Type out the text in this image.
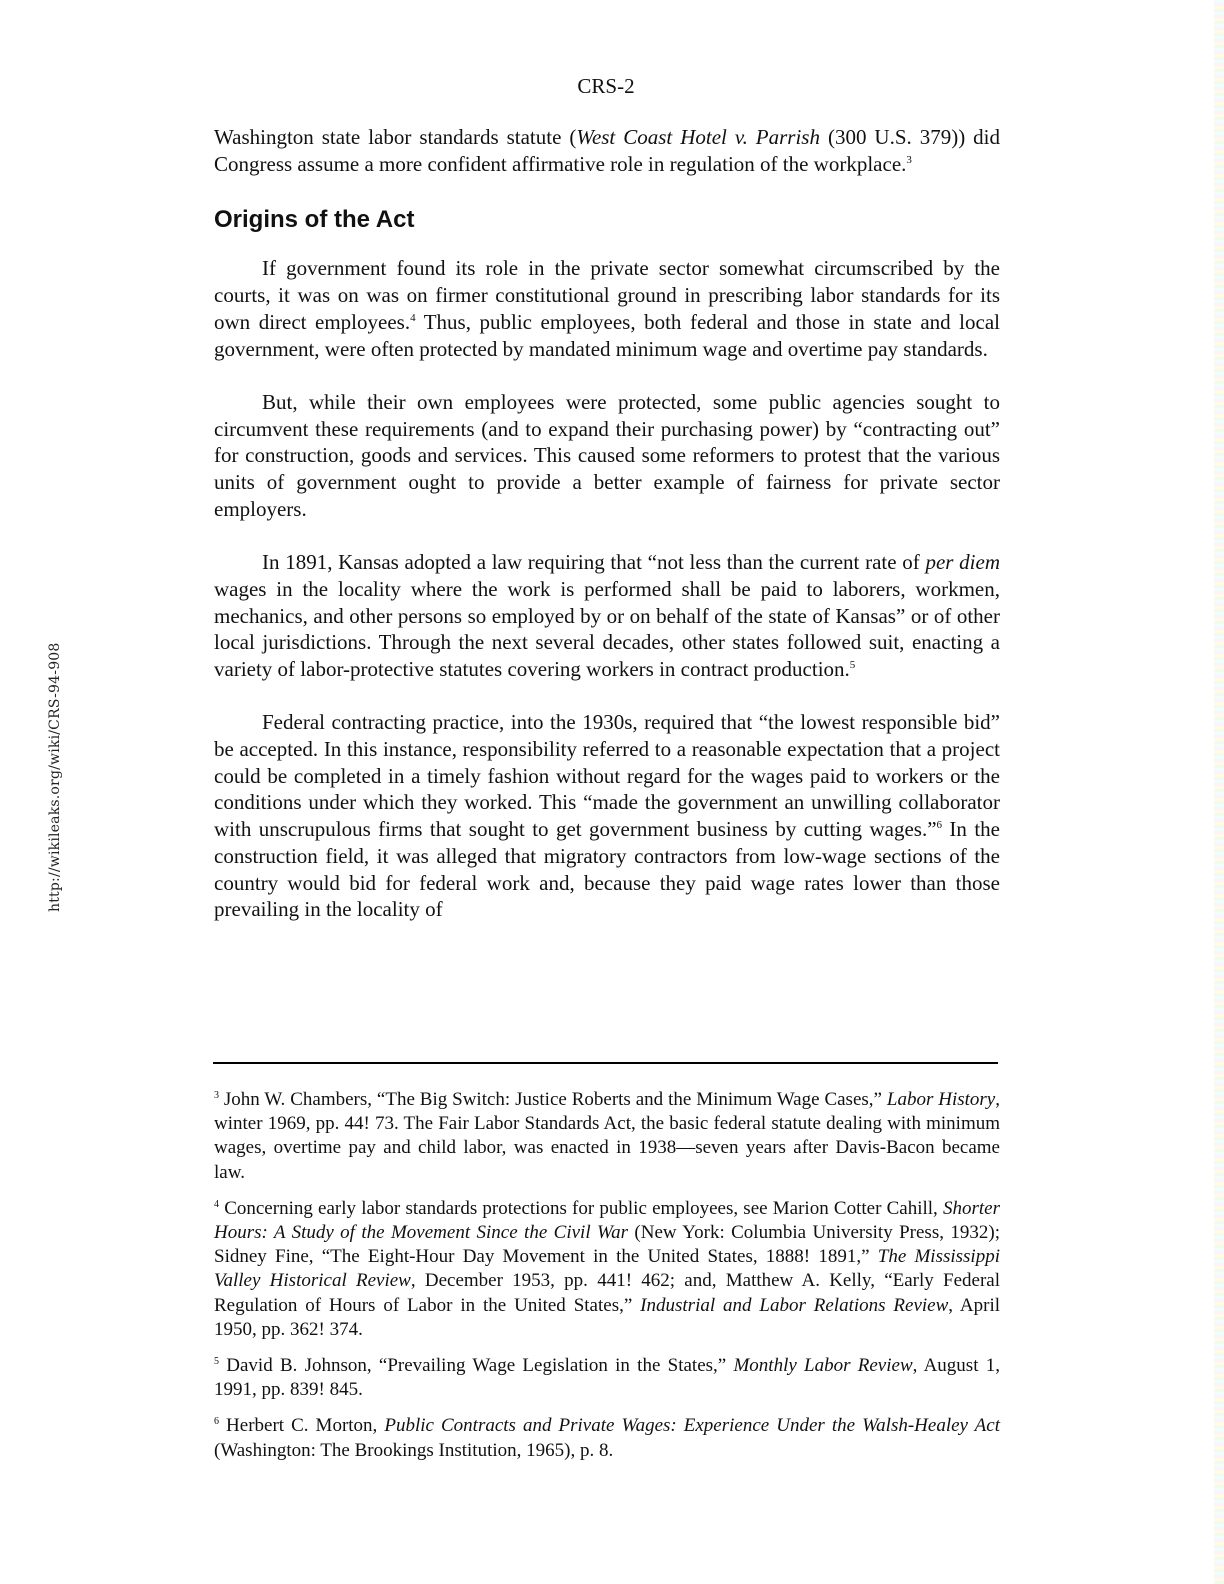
http://wikileaks.org/wiki/CRS-94-908
CRS-2

Washington state labor standards statute (West Coast Hotel v. Parrish (300 U.S. 379)) did Congress assume a more confident affirmative role in regulation of the workplace.$^3$

Origins of the Act

If government found its role in the private sector somewhat circumscribed by the courts, it was on was on firmer constitutional ground in prescribing labor standards for its own direct employees.$^4$ Thus, public employees, both federal and those in state and local government, were often protected by mandated minimum wage and overtime pay standards.

But, while their own employees were protected, some public agencies sought to circumvent these requirements (and to expand their purchasing power) by “contracting out” for construction, goods and services. This caused some reformers to protest that the various units of government ought to provide a better example of fairness for private sector employers.

In 1891, Kansas adopted a law requiring that “not less than the current rate of per diem wages in the locality where the work is performed shall be paid to laborers, workmen, mechanics, and other persons so employed by or on behalf of the state of Kansas” or of other local jurisdictions. Through the next several decades, other states followed suit, enacting a variety of labor-protective statutes covering workers in contract production.$^5$

Federal contracting practice, into the 1930s, required that “the lowest responsible bid” be accepted. In this instance, responsibility referred to a reasonable expectation that a project could be completed in a timely fashion without regard for the wages paid to workers or the conditions under which they worked. This “made the government an unwilling collaborator with unscrupulous firms that sought to get government business by cutting wages.”$^6$ In the construction field, it was alleged that migratory contractors from low-wage sections of the country would bid for federal work and, because they paid wage rates lower than those prevailing in the locality of

$^3$ John W. Chambers, “The Big Switch: Justice Roberts and the Minimum Wage Cases,” Labor History, winter 1969, pp. 44! 73. The Fair Labor Standards Act, the basic federal statute dealing with minimum wages, overtime pay and child labor, was enacted in 1938—seven years after Davis-Bacon became law.

$^4$ Concerning early labor standards protections for public employees, see Marion Cotter Cahill, Shorter Hours: A Study of the Movement Since the Civil War (New York: Columbia University Press, 1932); Sidney Fine, “The Eight-Hour Day Movement in the United States, 1888! 1891,” The Mississippi Valley Historical Review, December 1953, pp. 441! 462; and, Matthew A. Kelly, “Early Federal Regulation of Hours of Labor in the United States,” Industrial and Labor Relations Review, April 1950, pp. 362! 374.

$^5$ David B. Johnson, “Prevailing Wage Legislation in the States,” Monthly Labor Review, August 1, 1991, pp. 839! 845.

$^6$ Herbert C. Morton, Public Contracts and Private Wages: Experience Under the Walsh-Healey Act (Washington: The Brookings Institution, 1965), p. 8.
